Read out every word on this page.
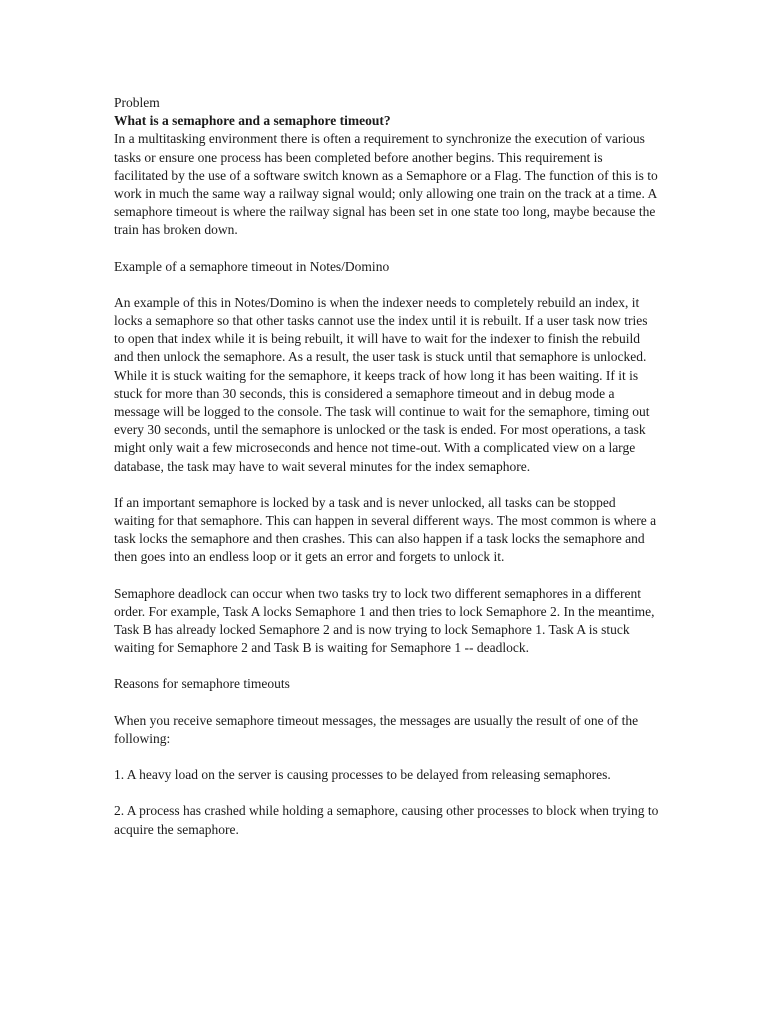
Problem

What is a semaphore and a semaphore timeout?

In a multitasking environment there is often a requirement to synchronize the execution of various tasks or ensure one process has been completed before another begins. This requirement is facilitated by the use of a software switch known as a Semaphore or a Flag. The function of this is to work in much the same way a railway signal would; only allowing one train on the track at a time. A semaphore timeout is where the railway signal has been set in one state too long, maybe because the train has broken down.

Example of a semaphore timeout in Notes/Domino

An example of this in Notes/Domino is when the indexer needs to completely rebuild an index, it locks a semaphore so that other tasks cannot use the index until it is rebuilt. If a user task now tries to open that index while it is being rebuilt, it will have to wait for the indexer to finish the rebuild and then unlock the semaphore. As a result, the user task is stuck until that semaphore is unlocked. While it is stuck waiting for the semaphore, it keeps track of how long it has been waiting. If it is stuck for more than 30 seconds, this is considered a semaphore timeout and in debug mode a message will be logged to the console. The task will continue to wait for the semaphore, timing out every 30 seconds, until the semaphore is unlocked or the task is ended. For most operations, a task might only wait a few microseconds and hence not time-out. With a complicated view on a large database, the task may have to wait several minutes for the index semaphore.

If an important semaphore is locked by a task and is never unlocked, all tasks can be stopped waiting for that semaphore. This can happen in several different ways. The most common is where a task locks the semaphore and then crashes. This can also happen if a task locks the semaphore and then goes into an endless loop or it gets an error and forgets to unlock it.

Semaphore deadlock can occur when two tasks try to lock two different semaphores in a different order. For example, Task A locks Semaphore 1 and then tries to lock Semaphore 2. In the meantime, Task B has already locked Semaphore 2 and is now trying to lock Semaphore 1. Task A is stuck waiting for Semaphore 2 and Task B is waiting for Semaphore 1 -- deadlock.

Reasons for semaphore timeouts

When you receive semaphore timeout messages, the messages are usually the result of one of the following:

1. A heavy load on the server is causing processes to be delayed from releasing semaphores.

2. A process has crashed while holding a semaphore, causing other processes to block when trying to acquire the semaphore.
